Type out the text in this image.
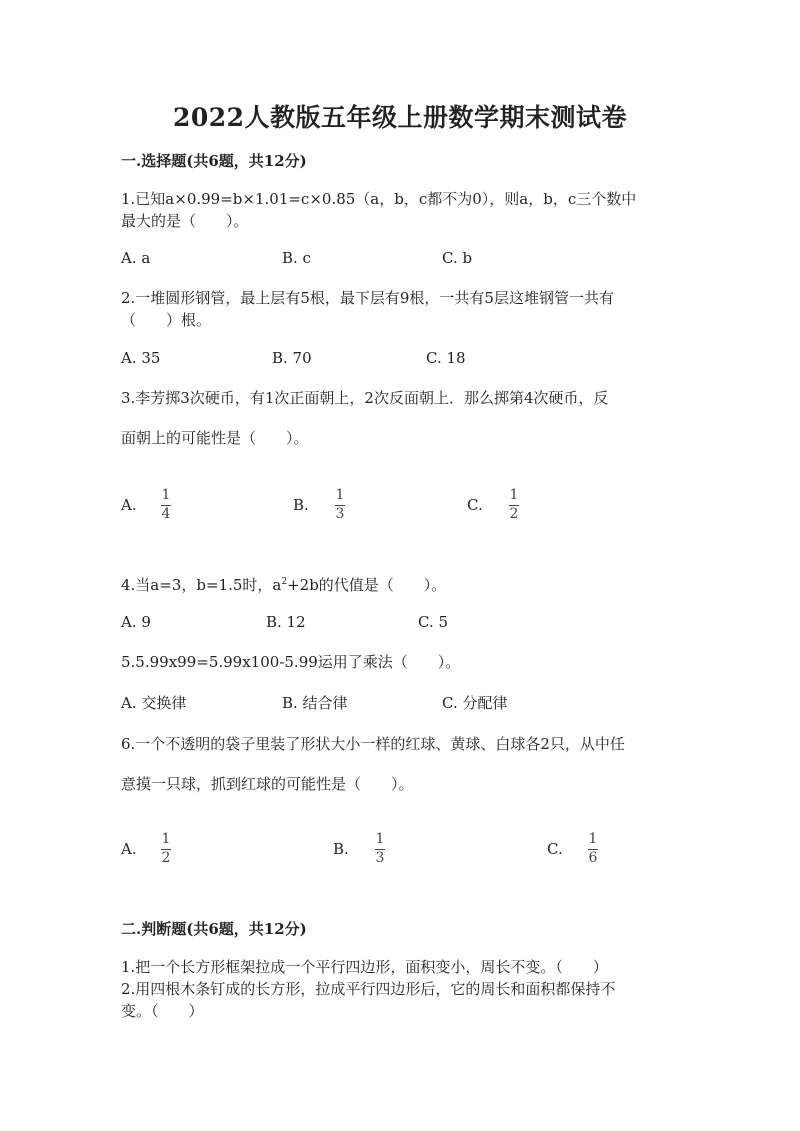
2022人教版五年级上册数学期末测试卷
一.选择题(共6题，共12分)
1.已知a×0.99=b×1.01=c×0.85（a，b，c都不为0），则a，b，c三个数中
最大的是（　　）。
A. a	B. c	C. b
2.一堆圆形钢管，最上层有5根，最下层有9根，一共有5层这堆钢管一共有
（　　）根。
A. 35	B. 70	C. 18
3.李芳掷3次硬币，有1次正面朝上，2次反面朝上．那么掷第4次硬币，反
面朝上的可能性是（　　）。
A.
1
4	B.
1
3	C.
1
2
4.当a=3，b=1.5时，$a^2+2b$的代值是（　　）。
A. 9	B. 12	C. 5
5.5.99x99=5.99x100-5.99运用了乘法（　　）。
A. 交换律	B. 结合律	C. 分配律
6.一个不透明的袋子里装了形状大小一样的红球、黄球、白球各2只，从中任
意摸一只球，抓到红球的可能性是（　　）。
A.
1
2	B.
1
3	C.
1
6
二.判断题(共6题，共12分)
1.把一个长方形框架拉成一个平行四边形，面积变小，周长不变。（　　）
2.用四根木条钉成的长方形，拉成平行四边形后，它的周长和面积都保持不
变。（　　）
